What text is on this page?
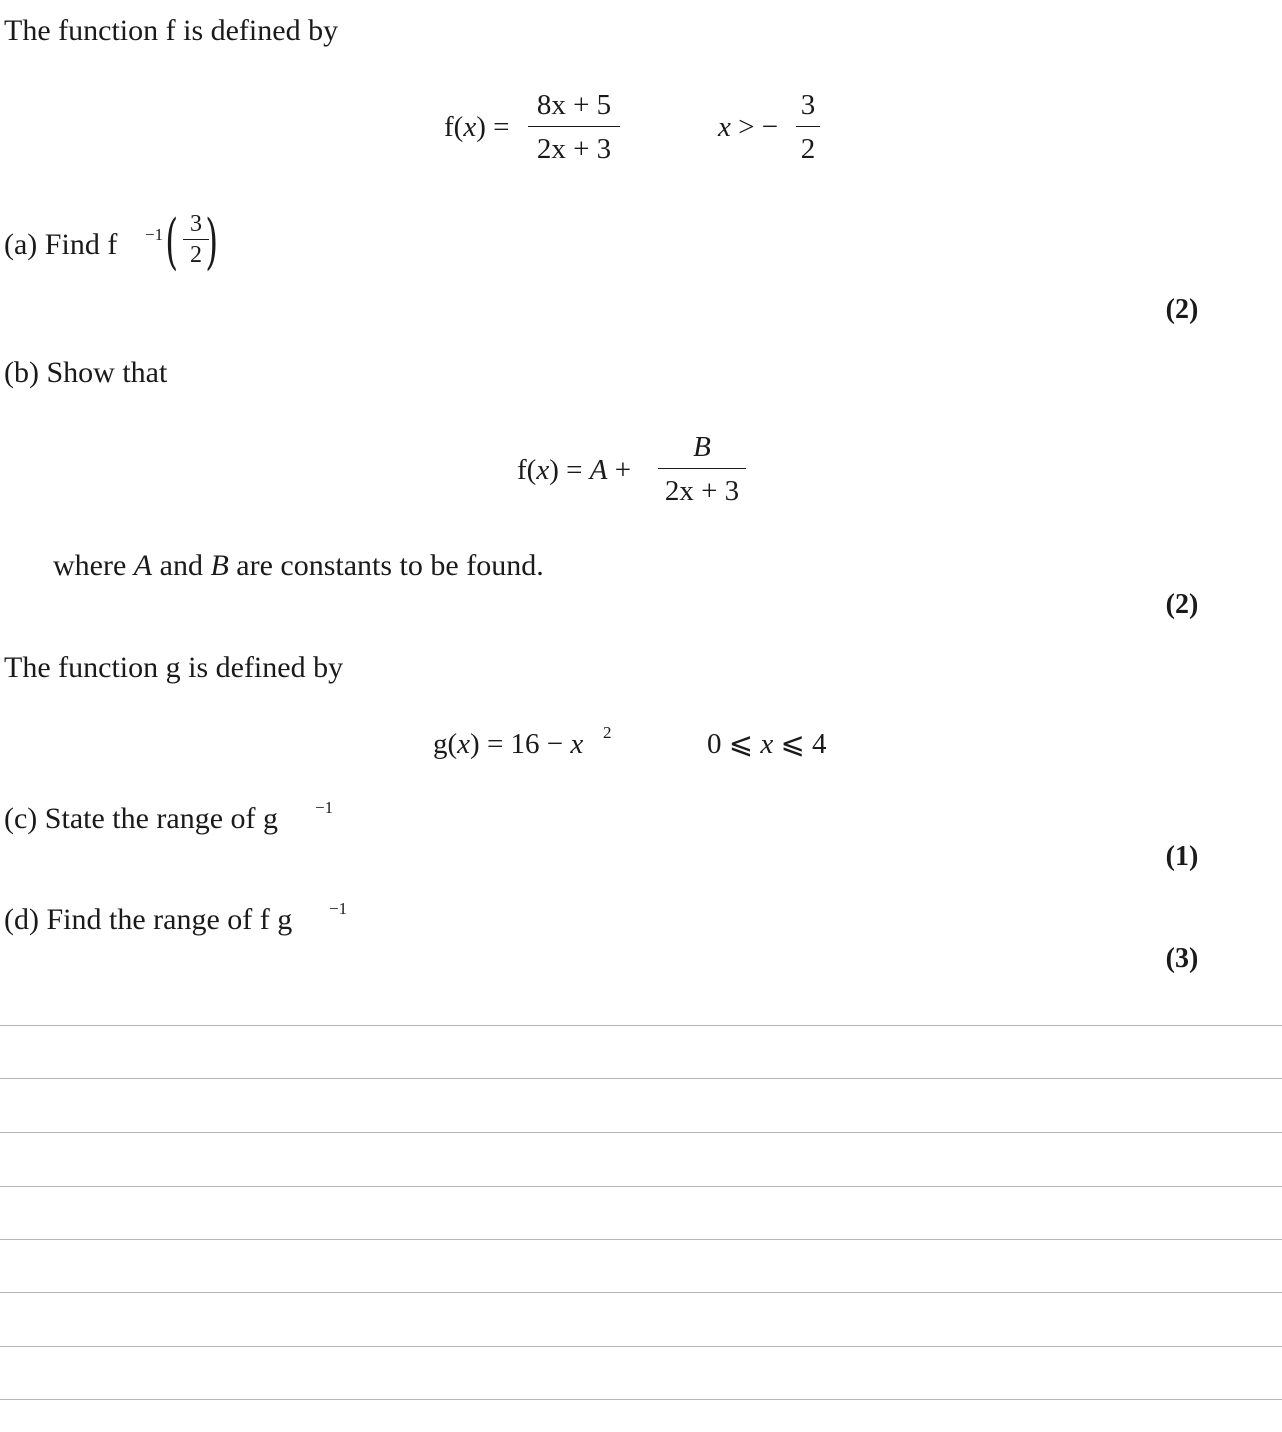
The function f is defined by
f(x) =
8x + 5
2x + 3
x > −
3
2
(a) Find f −1 ( 3
2 )
(2)
(b) Show that
f(x) = A +
B
2x + 3
where A and B are constants to be found.
(2)
The function g is defined by
g(x) = 16 − x 2	0 ⩽ x ⩽ 4
(c) State the range of g −1
(1)
(d) Find the range of f g −1
(3)
